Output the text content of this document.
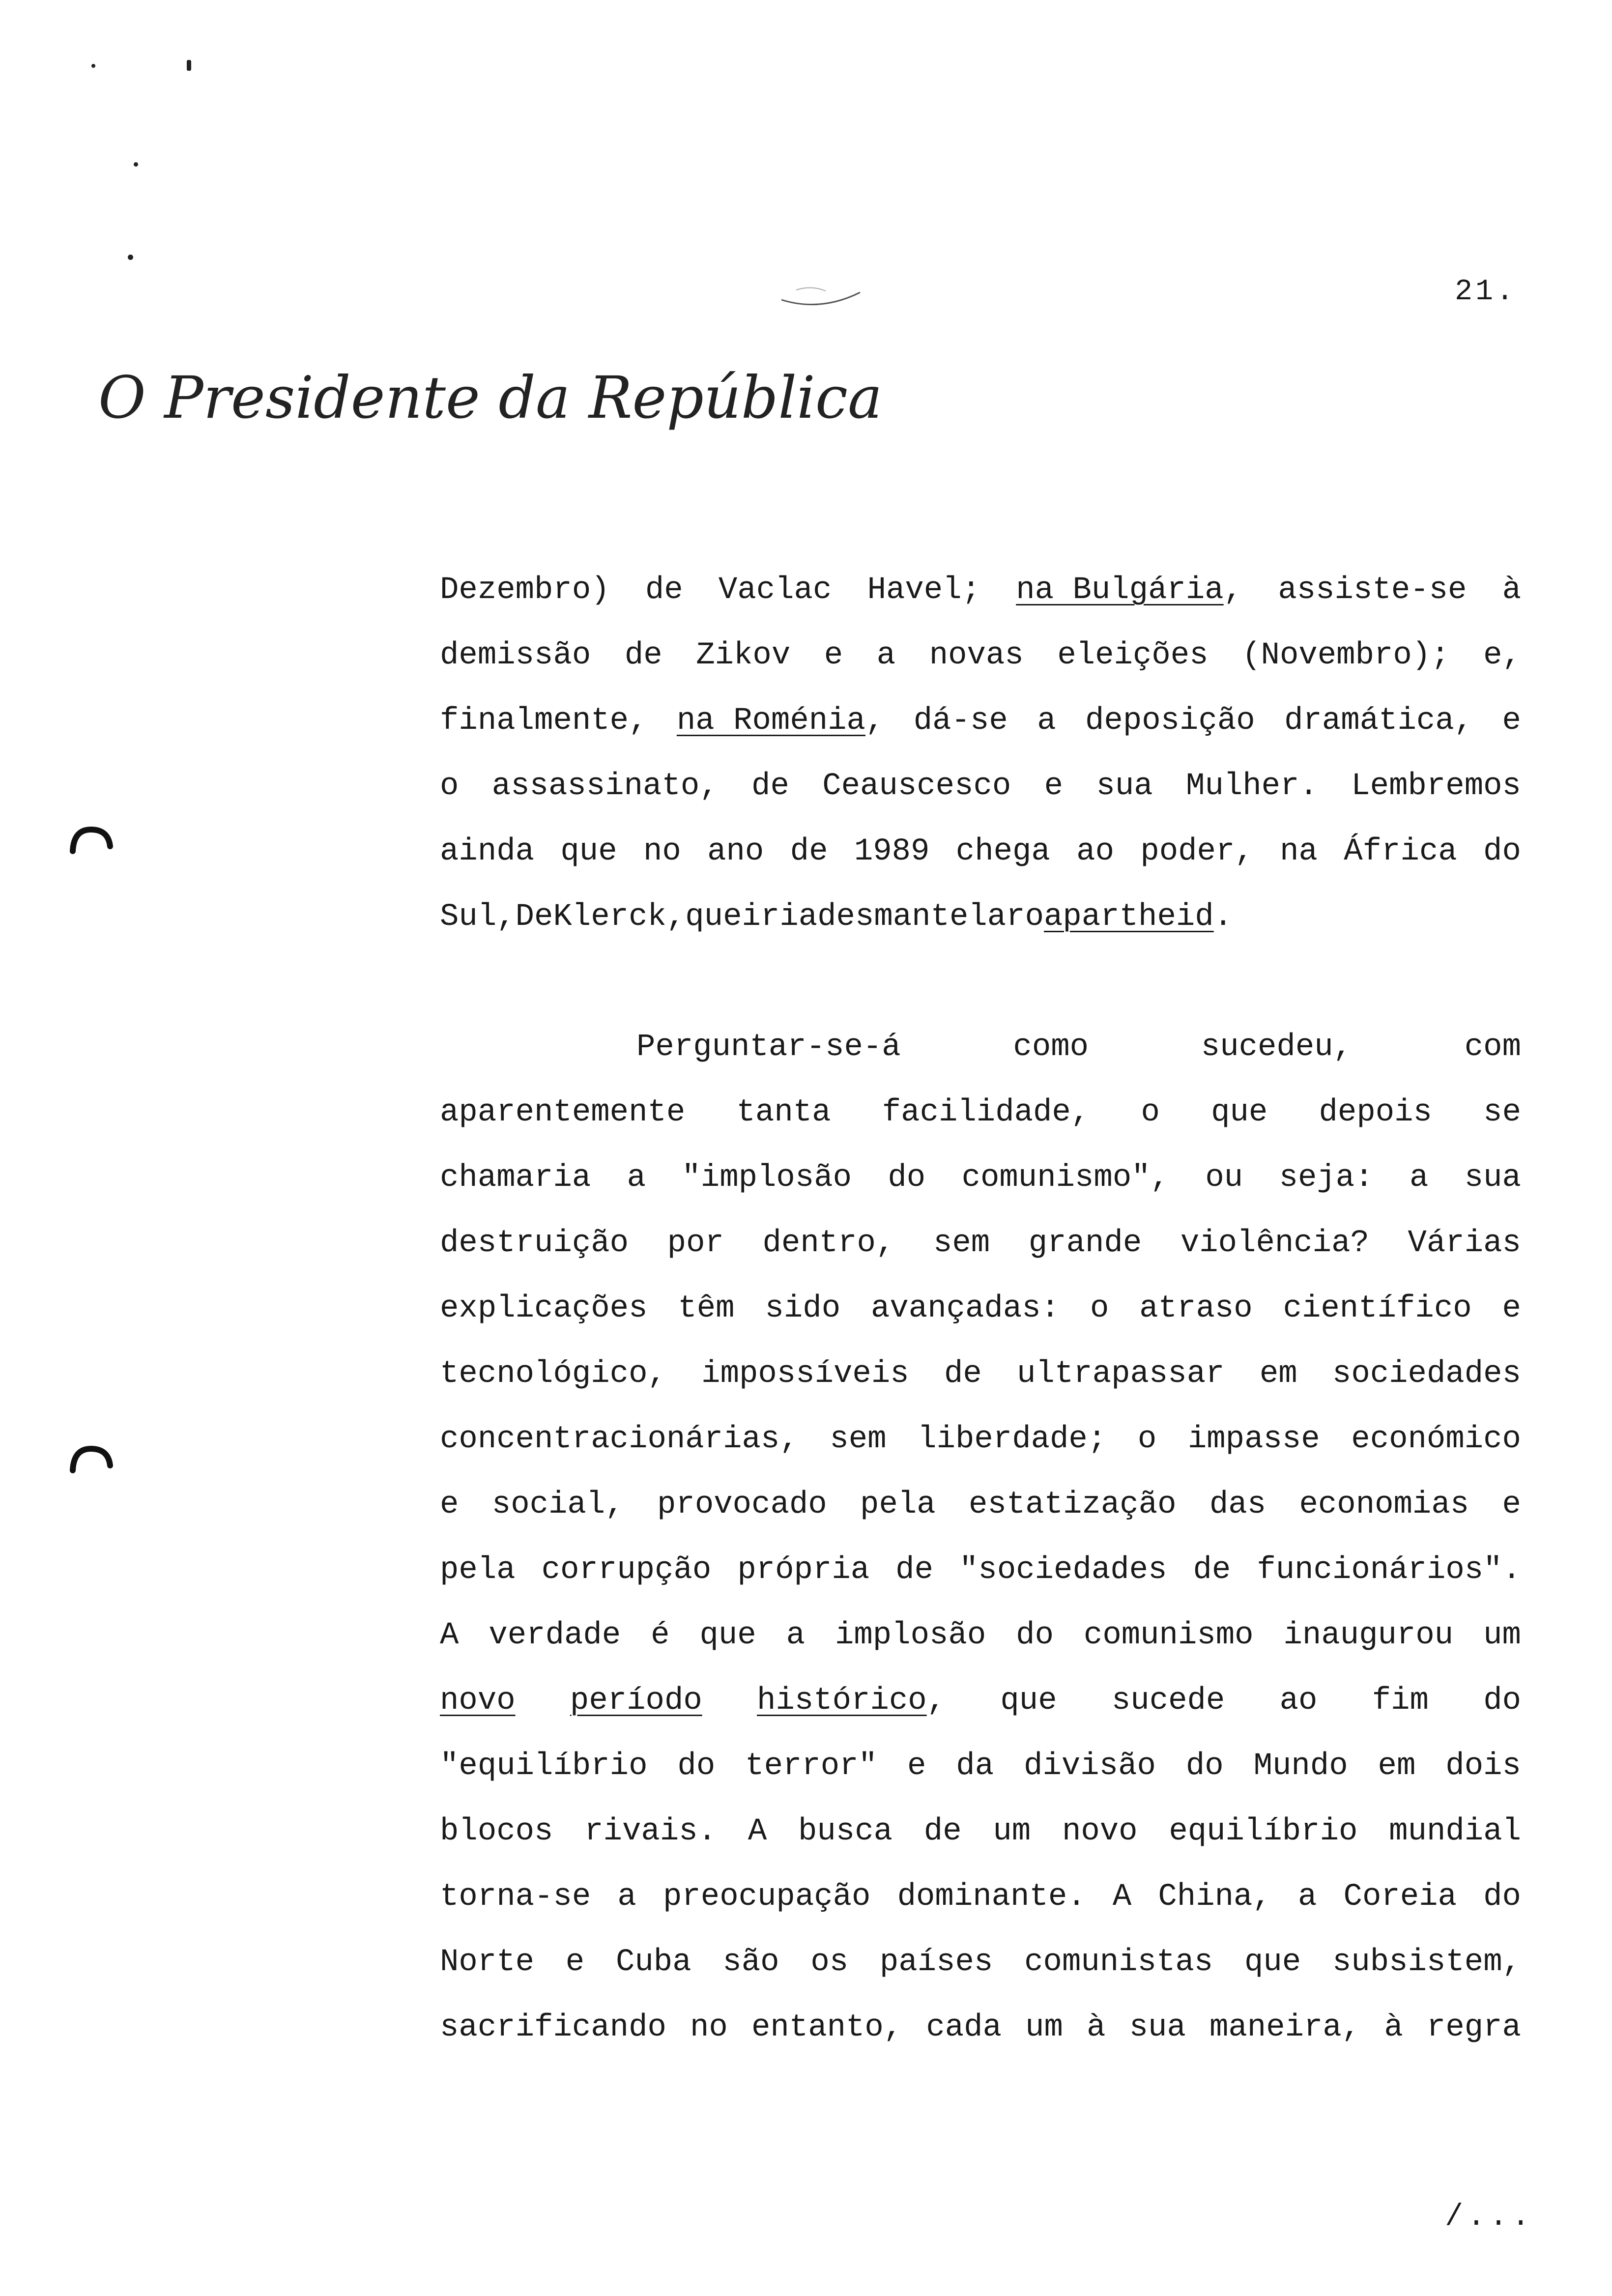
21.
O Presidente da República
Dezembro) de Vaclac Havel; na Bulgária, assiste-se à
demissão de Zikov e a novas eleições (Novembro); e,
finalmente, na Roménia, dá-se a deposição dramática, e
o assassinato, de Ceauscesco e sua Mulher. Lembremos
ainda que no ano de 1989 chega ao poder, na África do
Sul, De Klerck, que iria desmantelar o apartheid .
Perguntar-se-á	como	sucedeu,	com
aparentemente tanta facilidade, o que depois se
chamaria a "implosão do comunismo", ou seja: a sua
destruição por dentro, sem grande violência? Várias
explicações têm sido avançadas: o atraso científico e
tecnológico, impossíveis de ultrapassar em sociedades
concentracionárias, sem liberdade; o impasse económico
e social, provocado pela estatização das economias e
pela corrupção própria de "sociedades de funcionários".
A verdade é que a implosão do comunismo inaugurou um
novo período histórico, que sucede ao fim do
"equilíbrio do terror" e da divisão do Mundo em dois
blocos rivais. A busca de um novo equilíbrio mundial
torna-se a preocupação dominante. A China, a Coreia do
Norte e Cuba são os países comunistas que subsistem,
sacrificando no entanto, cada um à sua maneira, à regra
/...
